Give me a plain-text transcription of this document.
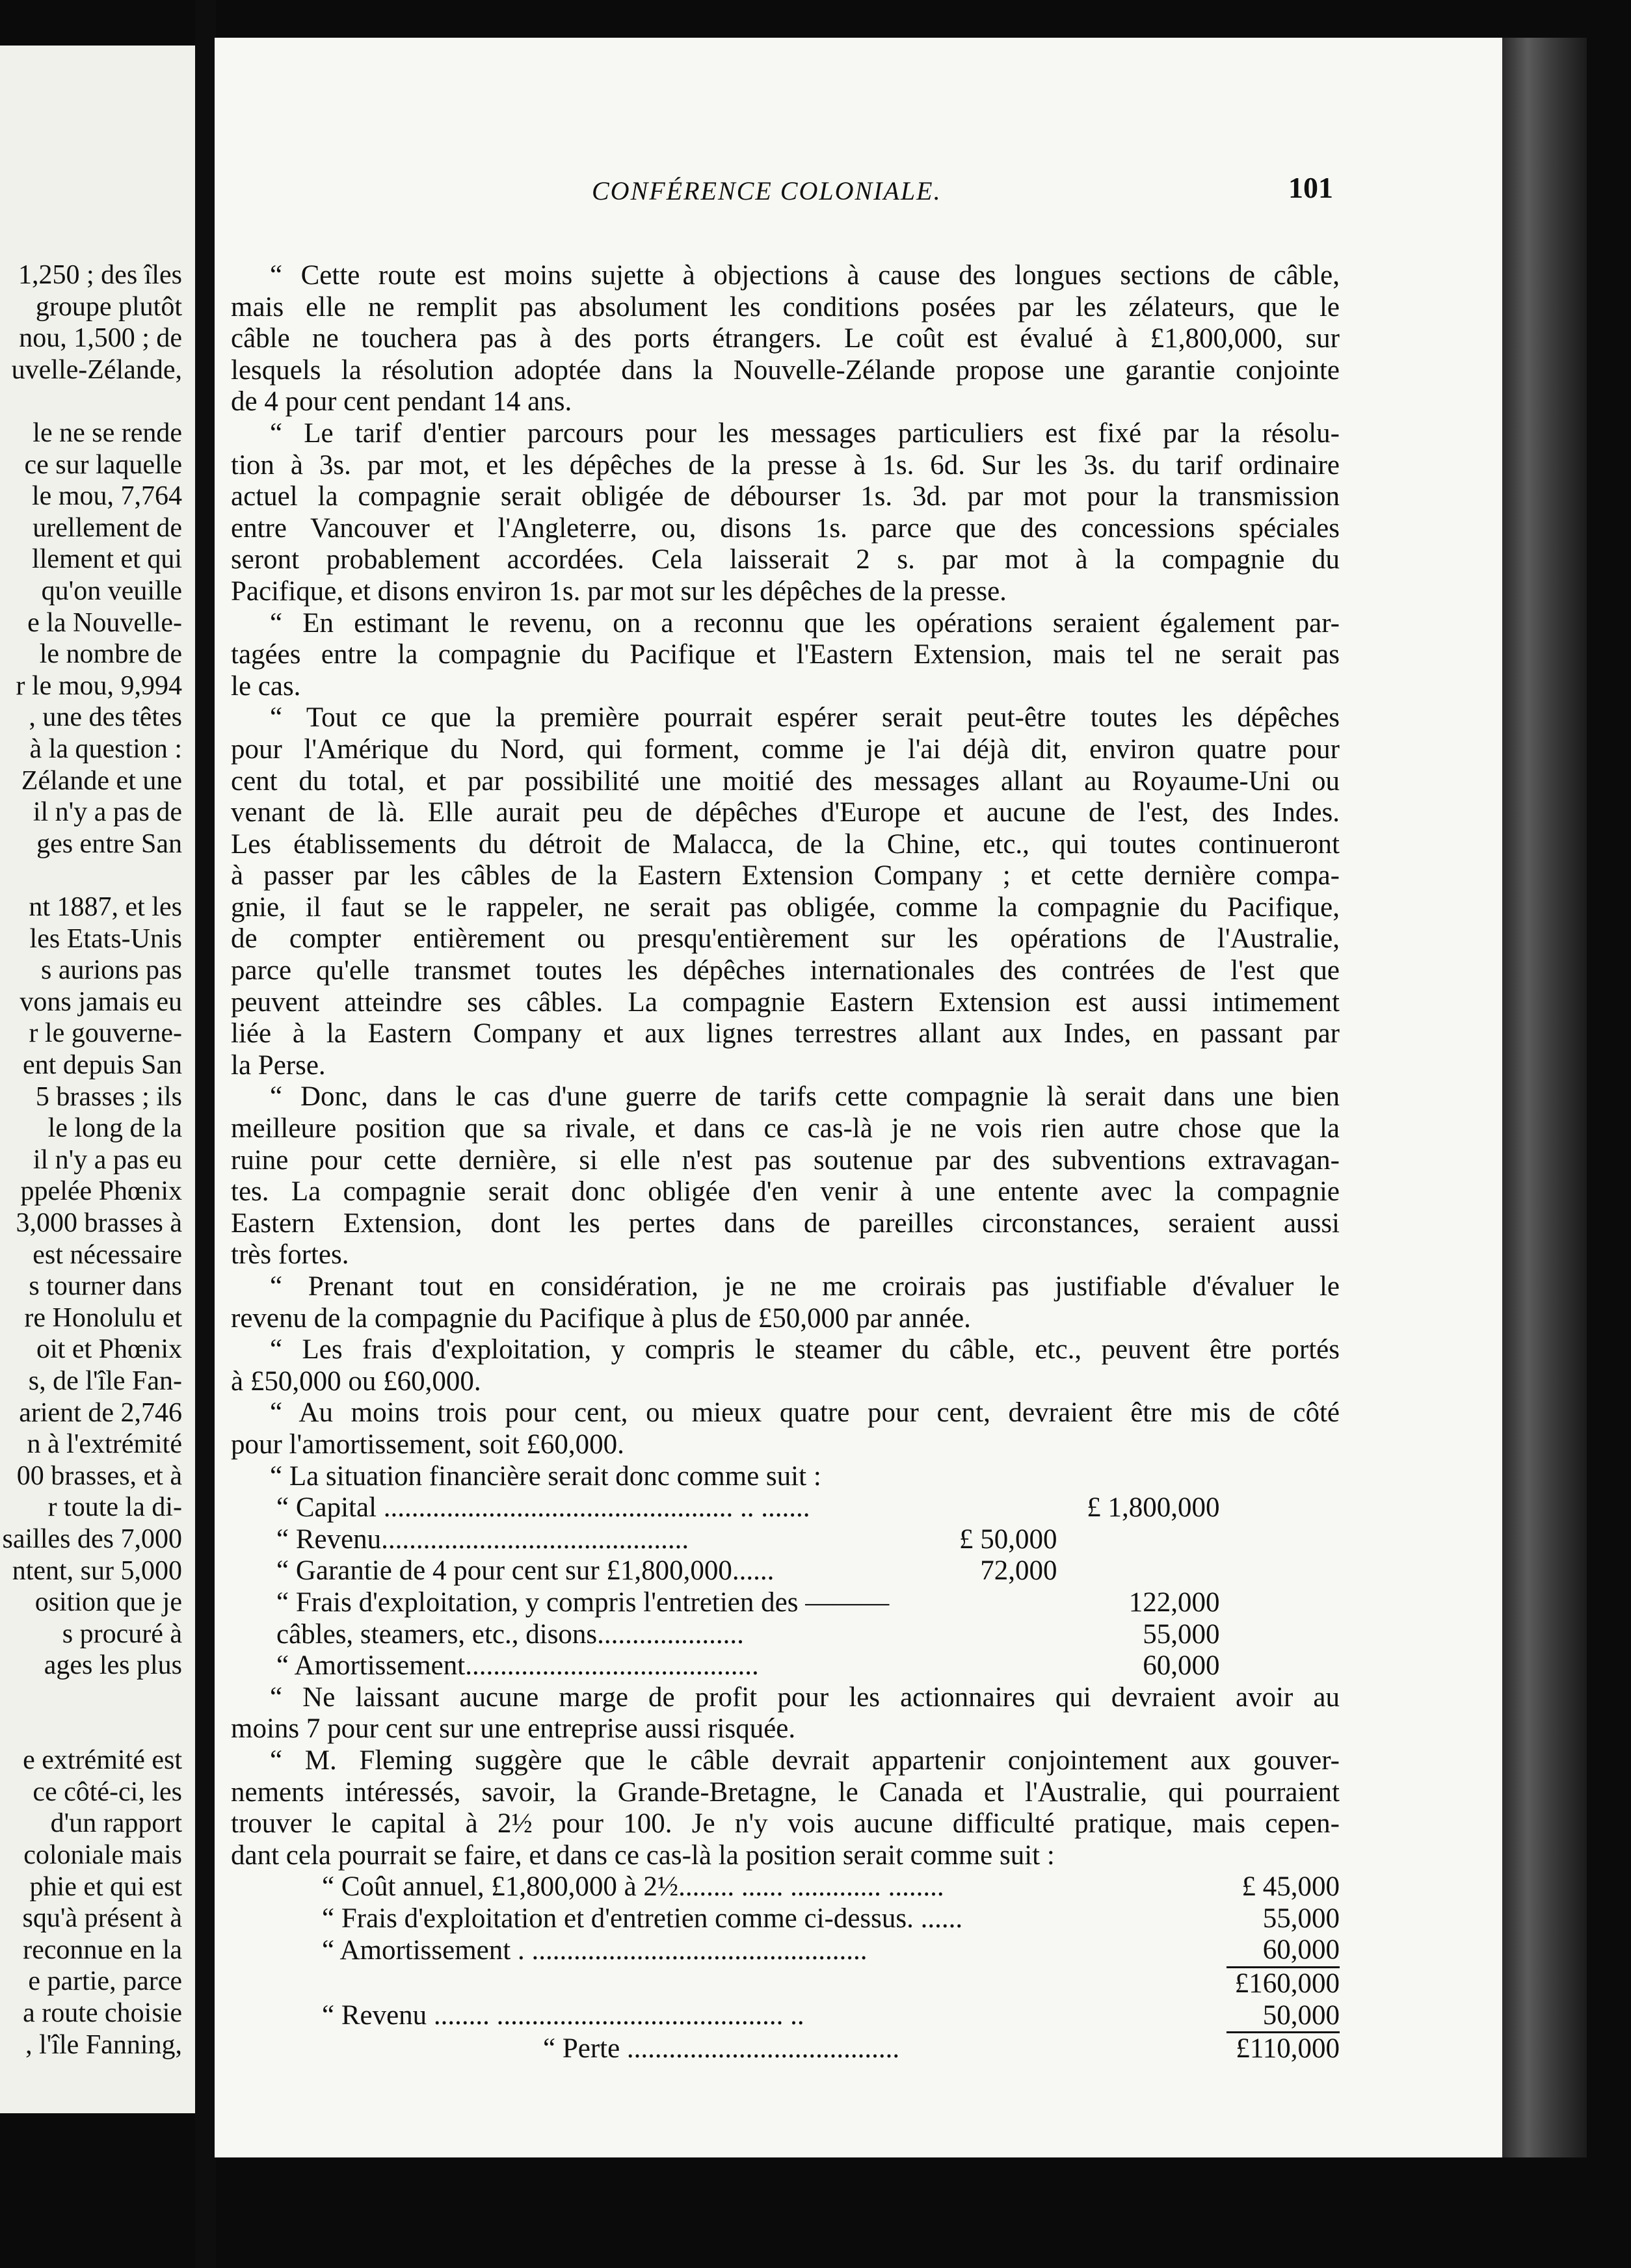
1,250 ; des îles
groupe plutôt
nou, 1,500 ; de
uvelle-Zélande,
le ne se rende
ce sur laquelle
le mou, 7,764
urellement de
llement et qui
qu'on veuille
e la Nouvelle-
le nombre de
r le mou, 9,994
, une des têtes
à la question :
Zélande et une
il n'y a pas de
ges entre San
nt 1887, et les
les Etats-Unis
s aurions pas
vons jamais eu
r le gouverne-
ent depuis San
5 brasses ; ils
le long de la
il n'y a pas eu
ppelée Phœnix
3,000 brasses à
est nécessaire
s tourner dans
re Honolulu et
oit et Phœnix
s, de l'île Fan-
arient de 2,746
n à l'extrémité
00 brasses, et à
r toute la di-
sailles des 7,000
ntent, sur 5,000
osition que je
s procuré à
ages les plus
e extrémité est
ce côté-ci, les
d'un rapport
coloniale mais
phie et qui est
squ'à présent à
reconnue en la
e partie, parce
a route choisie
, l'île Fanning,
CONFÉRENCE COLONIALE.	101
“ Cette route est moins sujette à objections à cause des longues sections de câble,
mais elle ne remplit pas absolument les conditions posées par les zélateurs, que le
câble ne touchera pas à des ports étrangers. Le coût est évalué à £1,800,000, sur
lesquels la résolution adoptée dans la Nouvelle-Zélande propose une garantie conjointe
de 4 pour cent pendant 14 ans.
“ Le tarif d'entier parcours pour les messages particuliers est fixé par la résolu-
tion à 3s. par mot, et les dépêches de la presse à 1s. 6d. Sur les 3s. du tarif ordinaire
actuel la compagnie serait obligée de débourser 1s. 3d. par mot pour la transmission
entre Vancouver et l'Angleterre, ou, disons 1s. parce que des concessions spéciales
seront probablement accordées. Cela laisserait 2 s. par mot à la compagnie du
Pacifique, et disons environ 1s. par mot sur les dépêches de la presse.
“ En estimant le revenu, on a reconnu que les opérations seraient également par-
tagées entre la compagnie du Pacifique et l'Eastern Extension, mais tel ne serait pas
le cas.
“ Tout ce que la première pourrait espérer serait peut-être toutes les dépêches
pour l'Amérique du Nord, qui forment, comme je l'ai déjà dit, environ quatre pour
cent du total, et par possibilité une moitié des messages allant au Royaume-Uni ou
venant de là. Elle aurait peu de dépêches d'Europe et aucune de l'est, des Indes.
Les établissements du détroit de Malacca, de la Chine, etc., qui toutes continueront
à passer par les câbles de la Eastern Extension Company ; et cette dernière compa-
gnie, il faut se le rappeler, ne serait pas obligée, comme la compagnie du Pacifique,
de compter entièrement ou presqu'entièrement sur les opérations de l'Australie,
parce qu'elle transmet toutes les dépêches internationales des contrées de l'est que
peuvent atteindre ses câbles. La compagnie Eastern Extension est aussi intimement
liée à la Eastern Company et aux lignes terrestres allant aux Indes, en passant par
la Perse.
“ Donc, dans le cas d'une guerre de tarifs cette compagnie là serait dans une bien
meilleure position que sa rivale, et dans ce cas-là je ne vois rien autre chose que la
ruine pour cette dernière, si elle n'est pas soutenue par des subventions extravagan-
tes. La compagnie serait donc obligée d'en venir à une entente avec la compagnie
Eastern Extension, dont les pertes dans de pareilles circonstances, seraient aussi
très fortes.
“ Prenant tout en considération, je ne me croirais pas justifiable d'évaluer le
revenu de la compagnie du Pacifique à plus de £50,000 par année.
“ Les frais d'exploitation, y compris le steamer du câble, etc., peuvent être portés
à £50,000 ou £60,000.
“ Au moins trois pour cent, ou mieux quatre pour cent, devraient être mis de côté
pour l'amortissement, soit £60,000.
“ La situation financière serait donc comme suit :
“ Capital .................................................. .. .......		£ 1,800,000
“ Revenu............................................	£ 50,000	
“ Garantie de 4 pour cent sur £1,800,000......	72,000	
“ Frais d'exploitation, y compris l'entretien des ———		122,000
câbles, steamers, etc., disons.....................		55,000
“ Amortissement..........................................		60,000
“ Ne laissant aucune marge de profit pour les actionnaires qui devraient avoir au
moins 7 pour cent sur une entreprise aussi risquée.
“ M. Fleming suggère que le câble devrait appartenir conjointement aux gouver-
nements intéressés, savoir, la Grande-Bretagne, le Canada et l'Australie, qui pourraient
trouver le capital à 2½ pour 100. Je n'y vois aucune difficulté pratique, mais cepen-
dant cela pourrait se faire, et dans ce cas-là la position serait comme suit :
“ Coût annuel, £1,800,000 à 2½........ ...... ............. ........	£ 45,000
“ Frais d'exploitation et d'entretien comme ci-dessus. ......	55,000
“ Amortissement . ................................................	60,000
	£160,000
“ Revenu ........ ......................................... ..	50,000
“ Perte .......................................	£110,000
